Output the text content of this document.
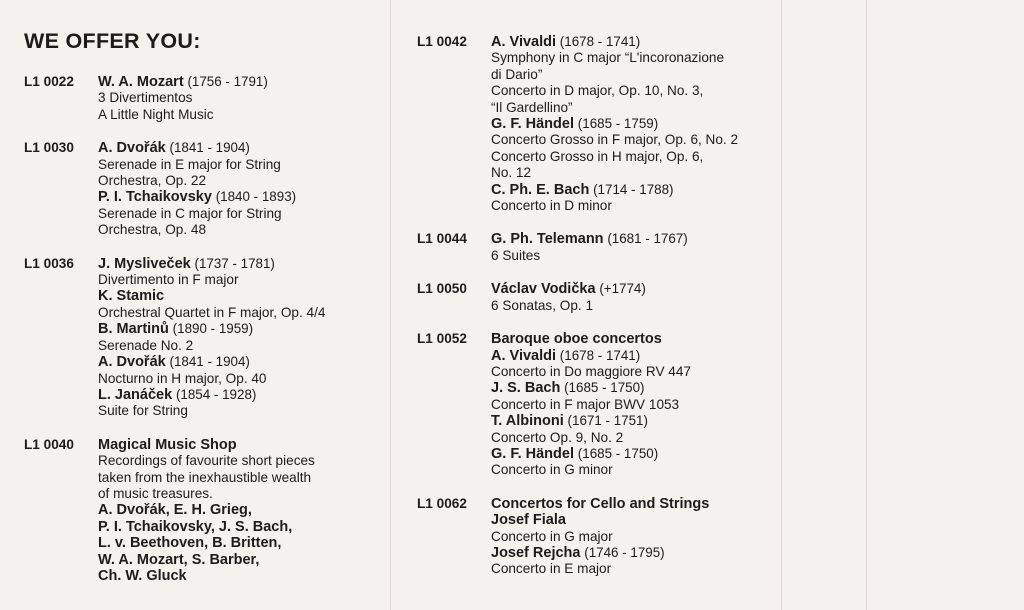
WE OFFER YOU:
L1 0022	W. A. Mozart (1756 - 1791)
3 Divertimentos
A Little Night Music
L1 0030	A. Dvořák (1841 - 1904)
Serenade in E major for String
Orchestra, Op. 22
P. I. Tchaikovsky (1840 - 1893)
Serenade in C major for String
Orchestra, Op. 48
L1 0036	J. Mysliveček (1737 - 1781)
Divertimento in F major
K. Stamic
Orchestral Quartet in F major, Op. 4/4
B. Martinů (1890 - 1959)
Serenade No. 2
A. Dvořák (1841 - 1904)
Nocturno in H major, Op. 40
L. Janáček (1854 - 1928)
Suite for String
L1 0040	Magical Music Shop
Recordings of favourite short pieces
taken from the inexhaustible wealth
of music treasures.
A. Dvořák, E. H. Grieg,
P. I. Tchaikovsky, J. S. Bach,
L. v. Beethoven, B. Britten,
W. A. Mozart, S. Barber,
Ch. W. Gluck
L1 0042	A. Vivaldi (1678 - 1741)
Symphony in C major “L'incoronazione
di Dario”
Concerto in D major, Op. 10, No. 3,
“Il Gardellino”
G. F. Händel (1685 - 1759)
Concerto Grosso in F major, Op. 6, No. 2
Concerto Grosso in H major, Op. 6,
No. 12
C. Ph. E. Bach (1714 - 1788)
Concerto in D minor
L1 0044	G. Ph. Telemann (1681 - 1767)
6 Suites
L1 0050	Václav Vodička (+1774)
6 Sonatas, Op. 1
L1 0052	Baroque oboe concertos
A. Vivaldi (1678 - 1741)
Concerto in Do maggiore RV 447
J. S. Bach (1685 - 1750)
Concerto in F major BWV 1053
T. Albinoni (1671 - 1751)
Concerto Op. 9, No. 2
G. F. Händel (1685 - 1750)
Concerto in G minor
L1 0062	Concertos for Cello and Strings
Josef Fiala
Concerto in G major
Josef Rejcha (1746 - 1795)
Concerto in E major
